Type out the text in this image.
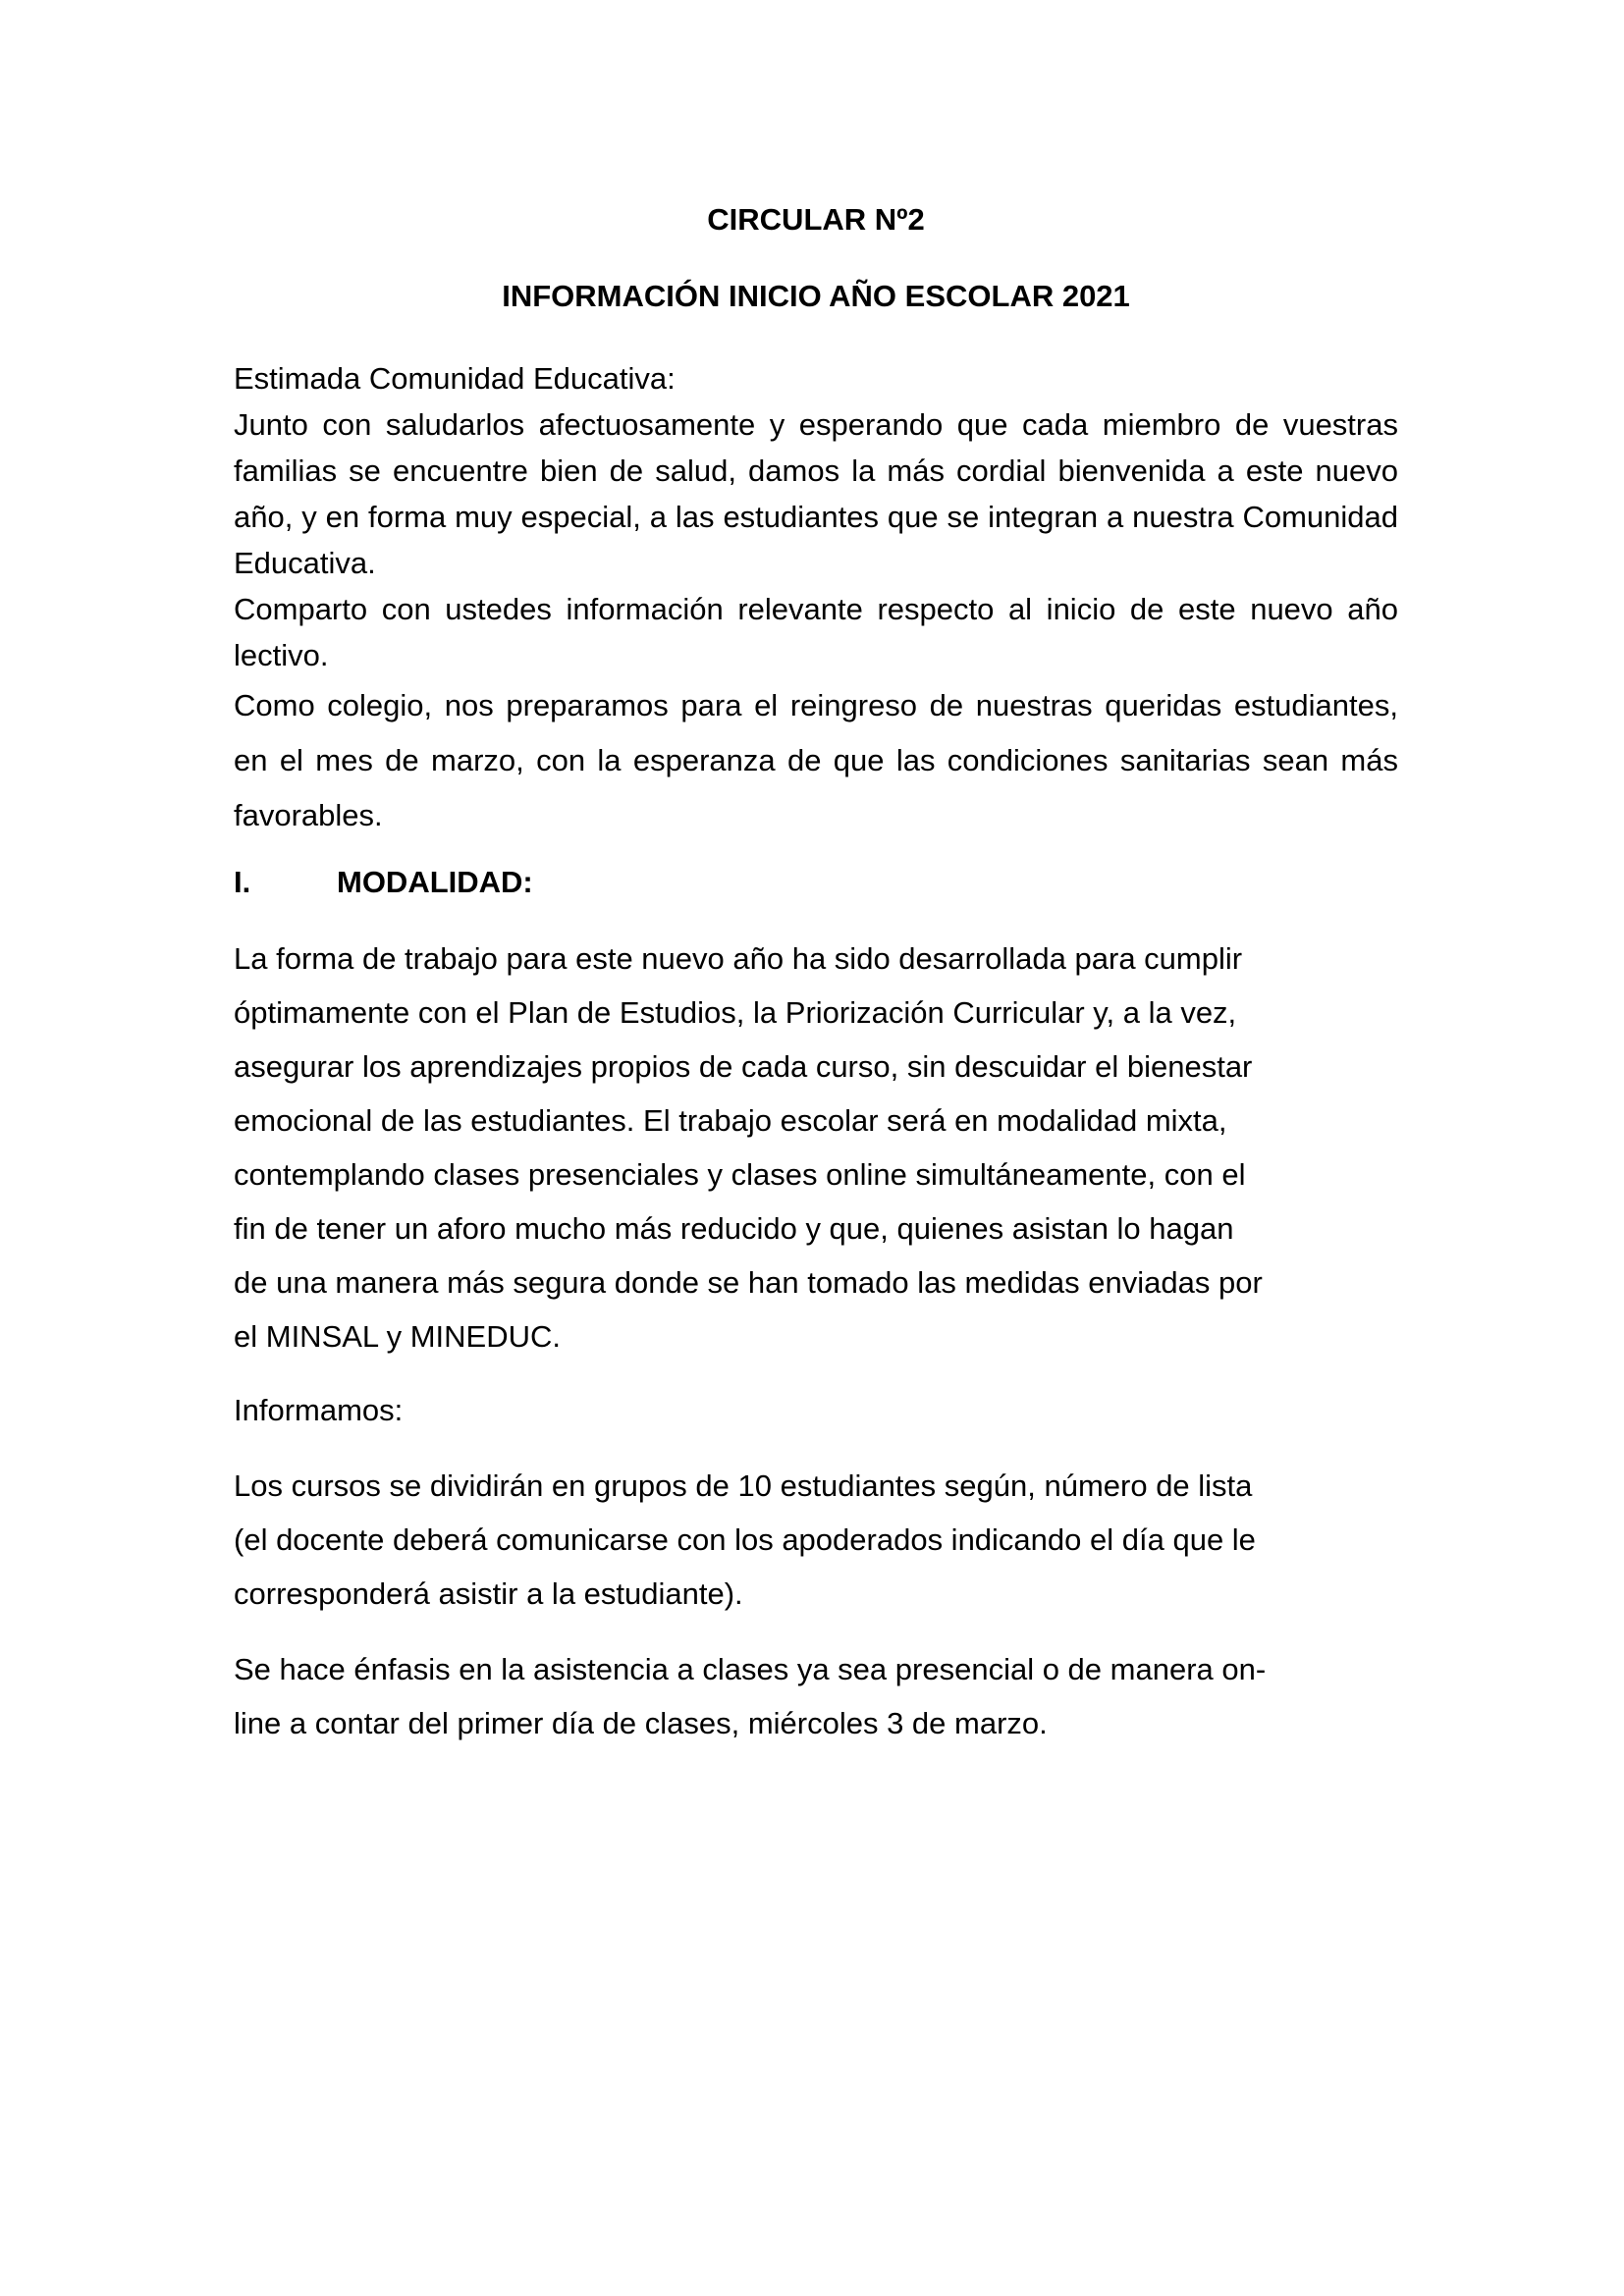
CIRCULAR Nº2

INFORMACIÓN INICIO AÑO ESCOLAR 2021

Estimada Comunidad Educativa:

Junto con saludarlos afectuosamente y esperando que cada miembro de vuestras familias se encuentre bien de salud, damos la más cordial bienvenida a este nuevo año, y en forma muy especial, a las estudiantes que se integran a nuestra Comunidad Educativa.

Comparto con ustedes información relevante respecto al inicio de este nuevo año lectivo.

Como colegio, nos preparamos para el reingreso de nuestras queridas estudiantes, en el mes de marzo, con la esperanza de que las condiciones sanitarias sean más favorables.

I.	MODALIDAD:

La forma de trabajo para este nuevo año ha sido desarrollada para cumplir

óptimamente con el Plan de Estudios, la Priorización Curricular y, a la vez,

asegurar los aprendizajes propios de cada curso, sin descuidar el bienestar

emocional de las estudiantes. El trabajo escolar será en modalidad mixta,

contemplando clases presenciales y clases online simultáneamente, con el

fin de tener un aforo mucho más reducido y que, quienes asistan lo hagan

de una manera más segura donde se han tomado las medidas enviadas por

el MINSAL y MINEDUC.

Informamos:

Los cursos se dividirán en grupos de 10 estudiantes según, número de lista

(el docente deberá comunicarse con los apoderados indicando el día que le

corresponderá asistir a la estudiante).

Se hace énfasis en la asistencia a clases ya sea presencial o de manera on-

line a contar del primer día de clases, miércoles 3 de marzo.
